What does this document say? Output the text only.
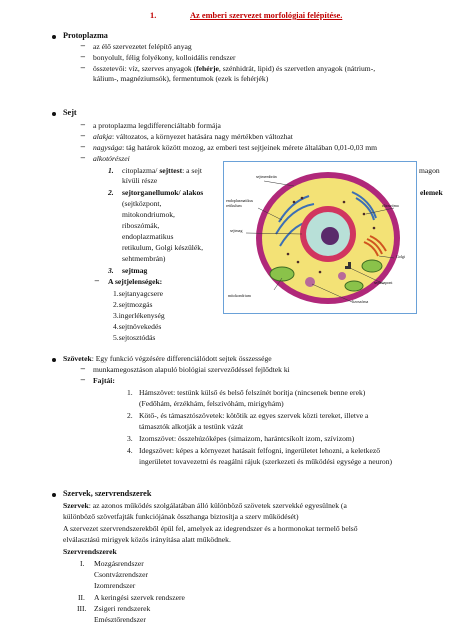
1.	Az emberi szervezet morfológiai felépítése.
Protoplazma
− az élő szervezetet felépítő anyag
− bonyolult, félig folyékony, kolloidális rendszer
− összetevői: víz, szerves anyagok (fehérje, szénhidrát, lipid) és szervetlen anyagok (nátrium-,
kálium-, magnéziumsók), fermentumok (ezek is fehérjék)
Sejt
− a protoplazma legdifferenciáltabb formája
− alakja: változatos, a környezet hatására nagy mértékben változhat
− nagysága: tág határok között mozog, az emberi test sejtjeinek mérete általában 0,01-0,03 mm
− alkotórészei
1. citoplazma/ sejttest: a sejt	magon
kívüli része
2. sejtorganellumok/ alakos	elemek
(sejtközpont,
mitokondriumok,
riboszómák,
endoplazmatikus
retikulum, Golgi készülék,
sehtmembrán)
3. sejtmag
− A sejtjelenségek:
1.sejtanyagcsere
2.sejtmozgás
3.ingerlékenység
4.sejtnövekedés
5.sejtosztódás
sejtmembrán
endoplazmatikus
retikulum
sejtmag
riboszóma
sejtközpont
Golgi
mitokondrium
lizoszóma
Szövetek: Egy funkció végzésére differenciálódott sejtek összessége
− munkamegosztáson alapuló biológiai szerveződéssel fejlődtek ki
− Fajtái:
1. Hámszövet: testünk külső és belső felszínét borítja (nincsenek benne erek)
(Fedőhám, érzékhám, felszívóhám, mirigyhám)
2. Kötő-, és támasztószövetek: kötőtik az egyes szervek közti tereket, illetve a
támasztók alkotják a testünk vázát
3. Izomszövet: összehúzóképes (simaizom, harántcsíkolt izom, szívizom)
4. Idegszövet: képes a környezet hatásait felfogni, ingerületet lehozni, a keletkező
ingerületet tovavezetni és reagálni rájuk (szerkezeti és működési egysége a neuron)
Szervek, szervrendszerek
Szervek: az azonos működés szolgálatában álló különböző szövetek szervekké egyesülnek (a
különböző szövetfajták funkciójának összhanga biztosítja a szerv működését)
A szervezet szervrendszerekből épül fel, amelyek az idegrendszer és a hormonokat termelő belső
elválasztású mirigyek közös irányítása alatt működnek.
Szervrendszerek
I. Mozgásrendszer
Csontvázrendszer
Izomrendszer
II. A keringési szervek rendszere
III. Zsigeri rendszerek
Emésztőrendszer
